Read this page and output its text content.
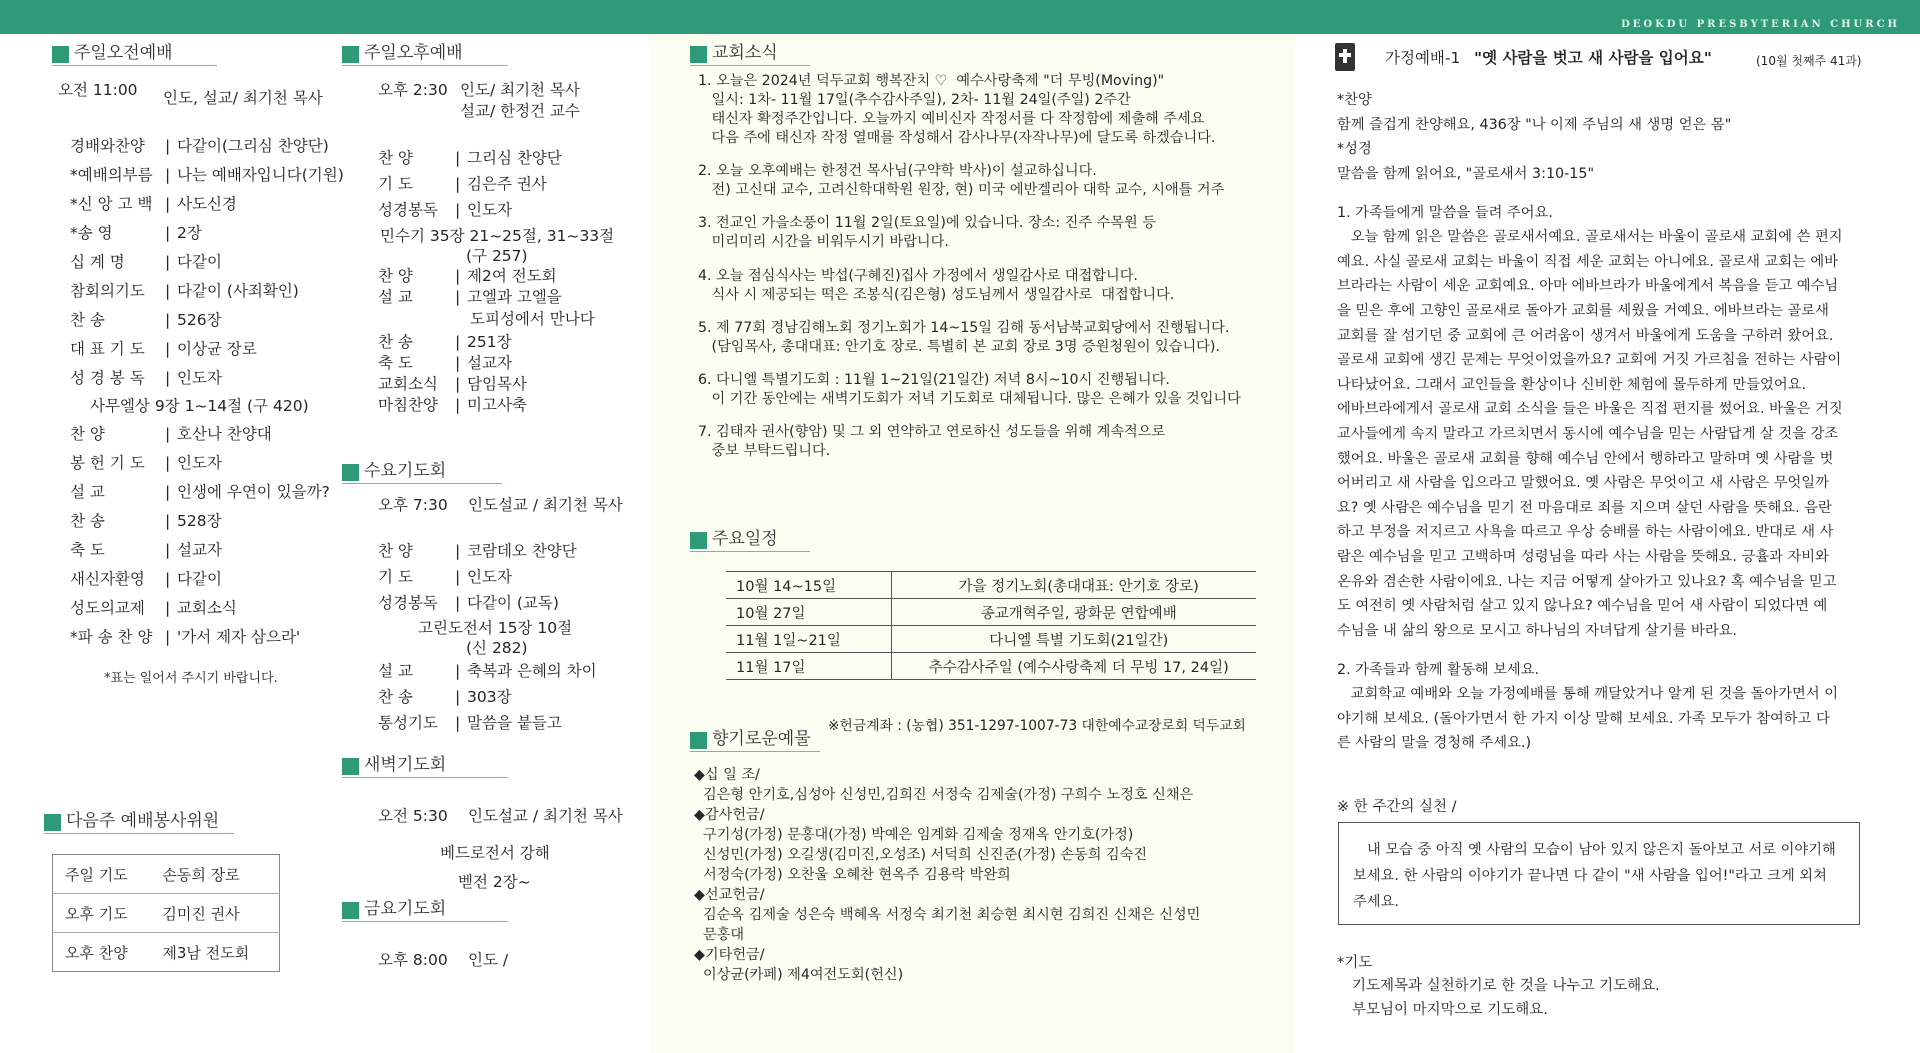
DEOKDU PRESBYTERIAN CHURCH
주일오전예배
오전 11:00 인도, 설교/ 최기천 목사
경배와찬양	| 다같이(그리심 찬양단)
*예배의부름 | 나는 예배자입니다(기원)
*신 앙 고 백 | 사도신경
*송 영	| 2장
십 계 명	| 다같이
참회의기도	| 다같이 (사죄확인)
찬 송	| 526장
대 표 기 도	| 이상균 장로
성 경 봉 독	| 인도자
사무엘상 9장 1~14절 (구 420)
찬 양	| 호산나 찬양대
봉 헌 기 도	| 인도자
설 교	| 인생에 우연이 있을까?
찬 송	| 528장
축 도	| 설교자
새신자환영	| 다같이
성도의교제	| 교회소식
*파 송 찬 양 | '가서 제자 삼으라'
*표는 일어서 주시기 바랍니다.
다음주 예배봉사위원
주일 기도	손동희 장로
오후 기도	김미진 권사
오후 찬양	제3남 전도회
주일오후예배
오후 2:30 인도/ 최기천 목사
설교/ 한정건 교수
찬 양	| 그리심 찬양단
기 도	| 김은주 권사
성경봉독	| 인도자
민수기 35장 21~25절, 31~33절
(구 257)
찬 양	| 제2여 전도회
설 교	| 고엘과 고엘을
도피성에서 만나다
찬 송	| 251장
축 도	| 설교자
교회소식	| 담임목사
마침찬양	| 미고사축
수요기도회
오후 7:30 인도설교 / 최기천 목사
찬 양	| 코람데오 찬양단
기 도	| 인도자
성경봉독	| 다같이 (교독)
고린도전서 15장 10절
(신 282)
설 교	| 축복과 은혜의 차이
찬 송	| 303장
통성기도	| 말씀을 붙들고
새벽기도회
오전 5:30 인도설교 / 최기천 목사
베드로전서 강해
벧전 2장~
금요기도회
오후 8:00 인도 /
교회소식

1. 오늘은 2024년 덕두교회 행복잔치 ♡  예수사랑축제 "더 무빙(Moving)"

일시: 1차- 11월 17일(추수감사주일), 2차- 11월 24일(주일) 2주간

태신자 확정주간입니다. 오늘까지 예비신자 작정서를 다 작정함에 제출해 주세요

다음 주에 태신자 작정 열매를 작성해서 감사나무(자작나무)에 달도록 하겠습니다.

2. 오늘 오후예배는 한정건 목사님(구약학 박사)이 설교하십니다.

전) 고신대 교수, 고려신학대학원 원장, 현) 미국 에반겔리아 대학 교수, 시애틀 거주

3. 전교인 가을소풍이 11월 2일(토요일)에 있습니다. 장소: 진주 수목원 등

미리미리 시간을 비워두시기 바랍니다.

4. 오늘 점심식사는 박섭(구혜진)집사 가정에서 생일감사로 대접합니다.

식사 시 제공되는 떡은 조봉식(김은형) 성도님께서 생일감사로  대접합니다.

5. 제 77회 경남김해노회 정기노회가 14~15일 김해 동서남북교회당에서 진행됩니다.

(담임목사, 총대대표: 안기호 장로. 특별히 본 교회 장로 3명 증원청원이 있습니다).

6. 다니엘 특별기도회 : 11월 1~21일(21일간) 저녁 8시~10시 진행됩니다.

이 기간 동안에는 새벽기도회가 저녁 기도회로 대체됩니다. 많은 은혜가 있을 것입니다

7. 김태자 권사(향암) 및 그 외 연약하고 연로하신 성도들을 위해 계속적으로

중보 부탁드립니다.

주요일정
10월 14~15일	가을 정기노회(총대대표: 안기호 장로)
10월 27일	종교개혁주일, 광화문 연합예배
11월 1일~21일	다니엘 특별 기도회(21일간)
11월 17일	추수감사주일 (예수사랑축제 더 무빙 17, 24일)
※헌금계좌 : (농협) 351-1297-1007-73 대한예수교장로회 덕두교회
향기로운예물

◆십 일 조/

김은형 안기호,심성아 신성민,김희진 서정숙 김제술(가정) 구희수 노정호 신채은

◆감사헌금/

구기성(가정) 문홍대(가정) 박예은 임계화 김제술 정재옥 안기호(가정)

신성민(가정) 오길생(김미진,오성조) 서덕희 신진준(가정) 손동희 김숙진

서정숙(가정) 오찬울 오혜찬 현옥주 김용락 박완희

◆선교헌금/

김순옥 김제술 성은숙 백혜옥 서정숙 최기천 최승현 최시현 김희진 신채은 신성민

문홍대

◆기타헌금/

이상균(카페) 제4여전도회(헌신)

가정예배-1 "옛 사람을 벗고 새 사람을 입어요"	(10월 첫째주 41과)

*찬양

함께 즐겁게 찬양해요, 436장 "나 이제 주님의 새 생명 얻은 몸"

*성경

말씀을 함께 읽어요, "골로새서 3:10-15"

1. 가족들에게 말씀을 들려 주어요.

오늘 함께 읽은 말씀은 골로새서예요. 골로새서는 바울이 골로새 교회에 쓴 편지

예요. 사실 골로새 교회는 바울이 직접 세운 교회는 아니에요. 골로새 교회는 에바

브라라는 사람이 세운 교회예요. 아마 에바브라가 바울에게서 복음을 듣고 예수님

을 믿은 후에 고향인 골로새로 돌아가 교회를 세웠을 거예요. 에바브라는 골로새

교회를 잘 섬기던 중 교회에 큰 어려움이 생겨서 바울에게 도움을 구하러 왔어요.

골로새 교회에 생긴 문제는 무엇이었을까요? 교회에 거짓 가르침을 전하는 사람이

나타났어요. 그래서 교인들을 환상이나 신비한 체험에 몰두하게 만들었어요.

에바브라에게서 골로새 교회 소식을 들은 바울은 직접 편지를 썼어요. 바울은 거짓

교사들에게 속지 말라고 가르치면서 동시에 예수님을 믿는 사람답게 살 것을 강조

했어요. 바울은 골로새 교회를 향해 예수님 안에서 행하라고 말하며 옛 사람을 벗

어버리고 새 사람을 입으라고 말했어요. 옛 사람은 무엇이고 새 사람은 무엇일까

요? 옛 사람은 예수님을 믿기 전 마음대로 죄를 지으며 살던 사람을 뜻해요. 음란

하고 부정을 저지르고 사욕을 따르고 우상 숭배를 하는 사람이에요. 반대로 새 사

람은 예수님을 믿고 고백하며 성령님을 따라 사는 사람을 뜻해요. 긍휼과 자비와

온유와 겸손한 사람이에요. 나는 지금 어떻게 살아가고 있나요? 혹 예수님을 믿고

도 여전히 옛 사람처럼 살고 있지 않나요? 예수님을 믿어 새 사람이 되었다면 예

수님을 내 삶의 왕으로 모시고 하나님의 자녀답게 살기를 바라요.

2. 가족들과 함께 활동해 보세요.

교회학교 예배와 오늘 가정예배를 통해 깨달았거나 알게 된 것을 돌아가면서 이

야기해 보세요. (돌아가면서 한 가지 이상 말해 보세요. 가족 모두가 참여하고 다

른 사람의 말을 경청해 주세요.)

※ 한 주간의 실천 /

내 모습 중 아직 옛 사람의 모습이 남아 있지 않은지 돌아보고 서로 이야기해

보세요. 한 사람의 이야기가 끝나면 다 같이 "새 사람을 입어!"라고 크게 외쳐

주세요.

*기도
기도제목과 실천하기로 한 것을 나누고 기도해요.
부모님이 마지막으로 기도해요.
